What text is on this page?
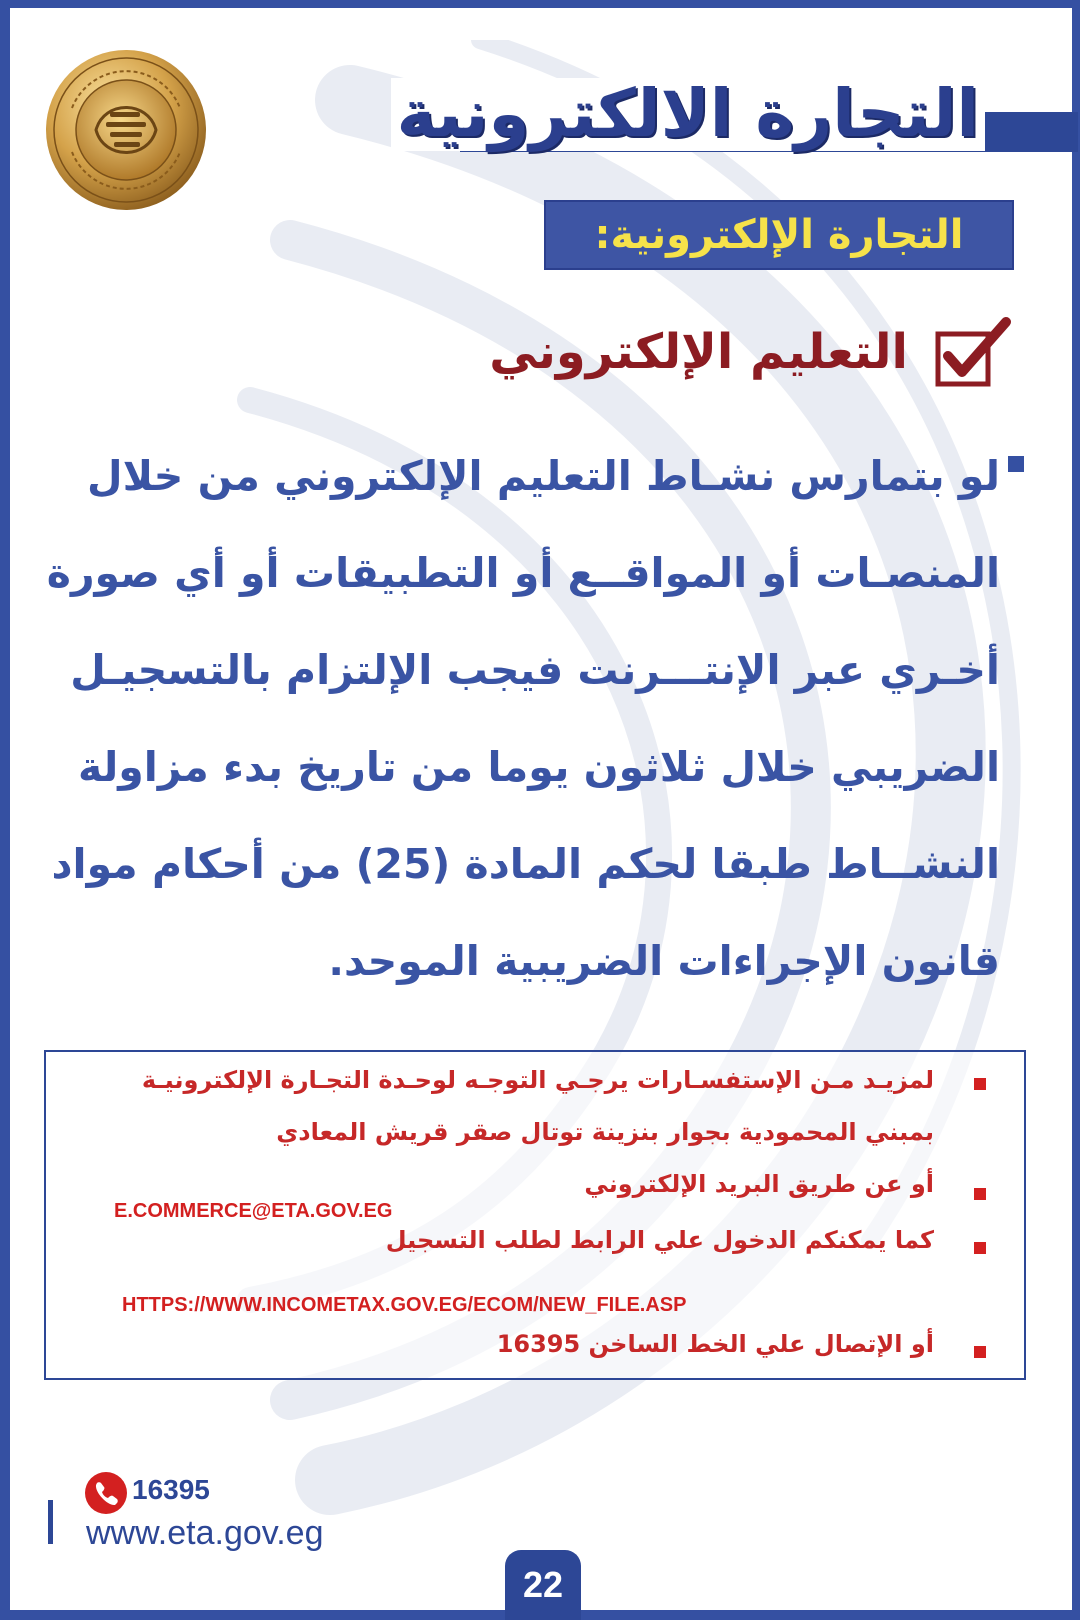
التجارة الالكترونية
التجارة الإلكترونية:
التعليم الإلكتروني
لو بتمارس نشـاط التعليم الإلكتروني من خلال
المنصـات أو المواقــع أو التطبيقات أو أي صورة
أخـري عبر الإنتـــرنت فيجب الإلتزام بالتسجيـل
الضريبي خلال ثلاثون يوما من تاريخ بدء مزاولة
النشــاط طبقا لحكم المادة (25) من أحكام مواد
قانون الإجراءات الضريبية الموحد.
لمزيـد مـن الإستفسـارات يرجـي التوجـه لوحـدة التجـارة الإلكترونيـة
بمبني المحمودية بجوار بنزينة توتال صقر قريش المعادي
أو عن طريق البريد الإلكتروني
E.COMMERCE@ETA.GOV.EG
كما يمكنكم الدخول علي الرابط لطلب التسجيل
HTTPS://WWW.INCOMETAX.GOV.EG/ECOM/NEW_FILE.ASP
أو الإتصال علي الخط الساخن 16395
16395
www.eta.gov.eg
22
